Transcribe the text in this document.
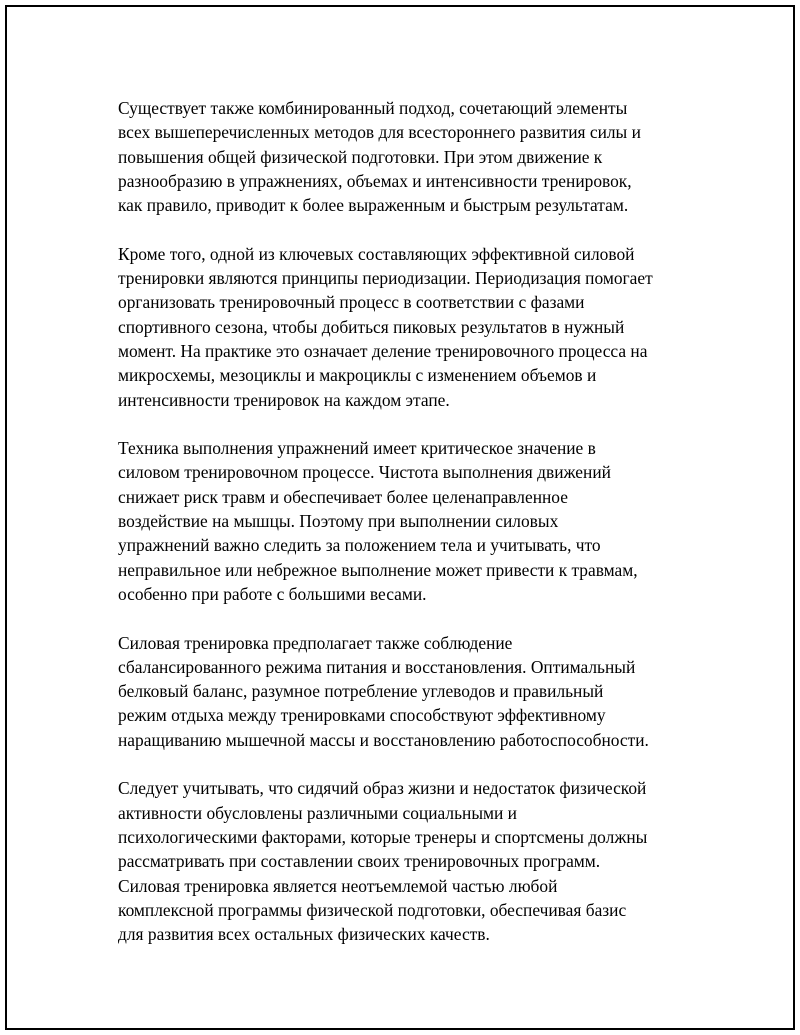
Существует также комбинированный подход, сочетающий элементы
всех вышеперечисленных методов для всестороннего развития силы и
повышения общей физической подготовки. При этом движение к
разнообразию в упражнениях, объемах и интенсивности тренировок,
как правило, приводит к более выраженным и быстрым результатам.

Кроме того, одной из ключевых составляющих эффективной силовой
тренировки являются принципы периодизации. Периодизация помогает
организовать тренировочный процесс в соответствии с фазами
спортивного сезона, чтобы добиться пиковых результатов в нужный
момент. На практике это означает деление тренировочного процесса на
микросхемы, мезоциклы и макроциклы с изменением объемов и
интенсивности тренировок на каждом этапе.

Техника выполнения упражнений имеет критическое значение в
силовом тренировочном процессе. Чистота выполнения движений
снижает риск травм и обеспечивает более целенаправленное
воздействие на мышцы. Поэтому при выполнении силовых
упражнений важно следить за положением тела и учитывать, что
неправильное или небрежное выполнение может привести к травмам,
особенно при работе с большими весами.

Силовая тренировка предполагает также соблюдение
сбалансированного режима питания и восстановления. Оптимальный
белковый баланс, разумное потребление углеводов и правильный
режим отдыха между тренировками способствуют эффективному
наращиванию мышечной массы и восстановлению работоспособности.

Следует учитывать, что сидячий образ жизни и недостаток физической
активности обусловлены различными социальными и
психологическими факторами, которые тренеры и спортсмены должны
рассматривать при составлении своих тренировочных программ.
Силовая тренировка является неотъемлемой частью любой
комплексной программы физической подготовки, обеспечивая базис
для развития всех остальных физических качеств.
